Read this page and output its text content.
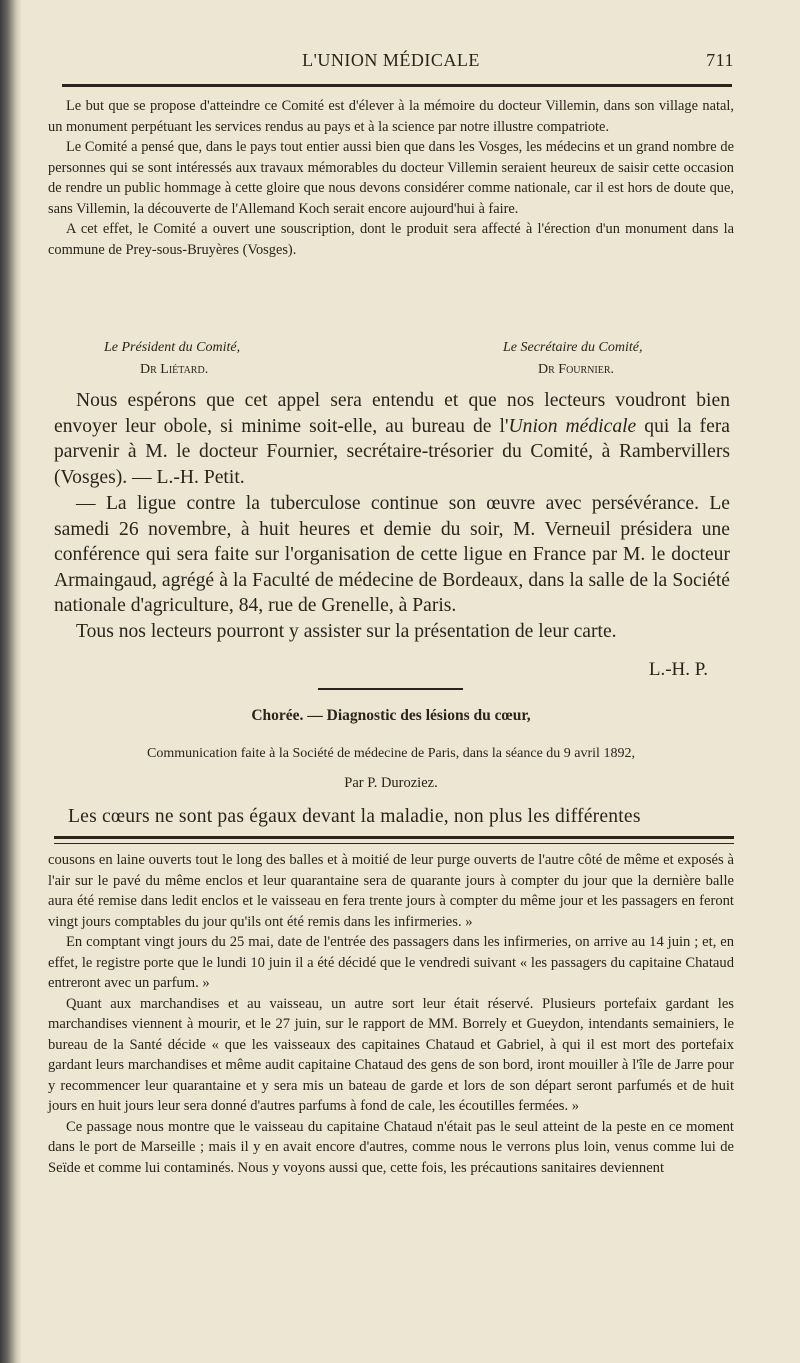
L'UNION MÉDICALE	711

Le but que se propose d'atteindre ce Comité est d'élever à la mémoire du docteur Villemin, dans son village natal, un monument perpétuant les services rendus au pays et à la science par notre illustre compatriote.

Le Comité a pensé que, dans le pays tout entier aussi bien que dans les Vosges, les médecins et un grand nombre de personnes qui se sont intéressés aux travaux mémorables du docteur Villemin seraient heureux de saisir cette occasion de rendre un public hommage à cette gloire que nous devons considérer comme nationale, car il est hors de doute que, sans Villemin, la découverte de l'Allemand Koch serait encore aujourd'hui à faire.

A cet effet, le Comité a ouvert une souscription, dont le produit sera affecté à l'érection d'un monument dans la commune de Prey-sous-Bruyères (Vosges).

Le Président du Comité,	Le Secrétaire du Comité,
Dr Liétard.	Dr Fournier.

Nous espérons que cet appel sera entendu et que nos lecteurs voudront bien envoyer leur obole, si minime soit-elle, au bureau de l'Union médicale qui la fera parvenir à M. le docteur Fournier, secrétaire-trésorier du Comité, à Rambervillers (Vosges). — L.-H. Petit.

— La ligue contre la tuberculose continue son œuvre avec persévérance. Le samedi 26 novembre, à huit heures et demie du soir, M. Verneuil présidera une conférence qui sera faite sur l'organisation de cette ligue en France par M. le docteur Armaingaud, agrégé à la Faculté de médecine de Bordeaux, dans la salle de la Société nationale d'agriculture, 84, rue de Grenelle, à Paris.

Tous nos lecteurs pourront y assister sur la présentation de leur carte.

L.-H. P.
Chorée. — Diagnostic des lésions du cœur,
Communication faite à la Société de médecine de Paris, dans la séance du 9 avril 1892,
Par P. Duroziez.
Les cœurs ne sont pas égaux devant la maladie, non plus les différentes

cousons en laine ouverts tout le long des balles et à moitié de leur purge ouverts de l'autre côté de même et exposés à l'air sur le pavé du même enclos et leur quarantaine sera de quarante jours à compter du jour que la dernière balle aura été remise dans ledit enclos et le vaisseau en fera trente jours à compter du même jour et les passagers en feront vingt jours comptables du jour qu'ils ont été remis dans les infirmeries. »

En comptant vingt jours du 25 mai, date de l'entrée des passagers dans les infirmeries, on arrive au 14 juin ; et, en effet, le registre porte que le lundi 10 juin il a été décidé que le vendredi suivant « les passagers du capitaine Chataud entreront avec un parfum. »

Quant aux marchandises et au vaisseau, un autre sort leur était réservé. Plusieurs portefaix gardant les marchandises viennent à mourir, et le 27 juin, sur le rapport de MM. Borrely et Gueydon, intendants semainiers, le bureau de la Santé décide « que les vaisseaux des capitaines Chataud et Gabriel, à qui il est mort des portefaix gardant leurs marchandises et même audit capitaine Chataud des gens de son bord, iront mouiller à l'île de Jarre pour y recommencer leur quarantaine et y sera mis un bateau de garde et lors de son départ seront parfumés et de huit jours en huit jours leur sera donné d'autres parfums à fond de cale, les écoutilles fermées. »

Ce passage nous montre que le vaisseau du capitaine Chataud n'était pas le seul atteint de la peste en ce moment dans le port de Marseille ; mais il y en avait encore d'autres, comme nous le verrons plus loin, venus comme lui de Seïde et comme lui contaminés. Nous y voyons aussi que, cette fois, les précautions sanitaires deviennent
